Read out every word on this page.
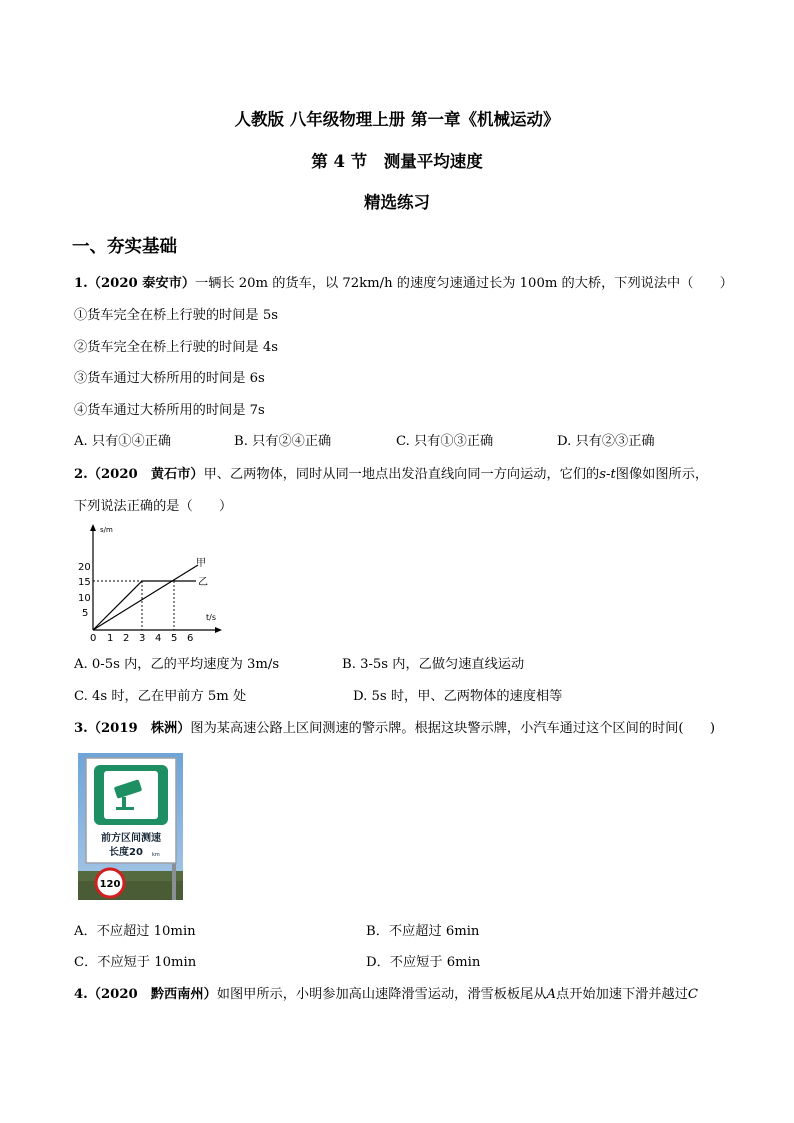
人教版 八年级物理上册 第一章《机械运动》
第 4 节　测量平均速度
精选练习
一、夯实基础
1.（2020 泰安市）一辆长 20m 的货车，以 72km/h 的速度匀速通过长为 100m 的大桥，下列说法中（　　）
①货车完全在桥上行驶的时间是 5s
②货车完全在桥上行驶的时间是 4s
③货车通过大桥所用的时间是 6s
④货车通过大桥所用的时间是 7s
A. 只有①④正确	B. 只有②④正确	C. 只有①③正确	D. 只有②③正确
2.（2020　黄石市）甲、乙两物体，同时从同一地点出发沿直线向同一方向运动，它们的s-t图像如图所示，
下列说法正确的是（　　）
s/m
t/s
20
15
10
5
0 1 2 3 4 5 6
甲
乙
A. 0-5s 内，乙的平均速度为 3m/s	B. 3-5s 内，乙做匀速直线运动
C. 4s 时，乙在甲前方 5m 处	D. 5s 时，甲、乙两物体的速度相等
3.（2019　株洲）图为某高速公路上区间测速的警示牌。根据这块警示牌，小汽车通过这个区间的时间(　　)
前方区间测速
长度20 km
120
A．不应超过 10min	B．不应超过 6min
C．不应短于 10min	D．不应短于 6min
4.（2020　黔西南州）如图甲所示，小明参加高山速降滑雪运动，滑雪板板尾从A点开始加速下滑并越过C
